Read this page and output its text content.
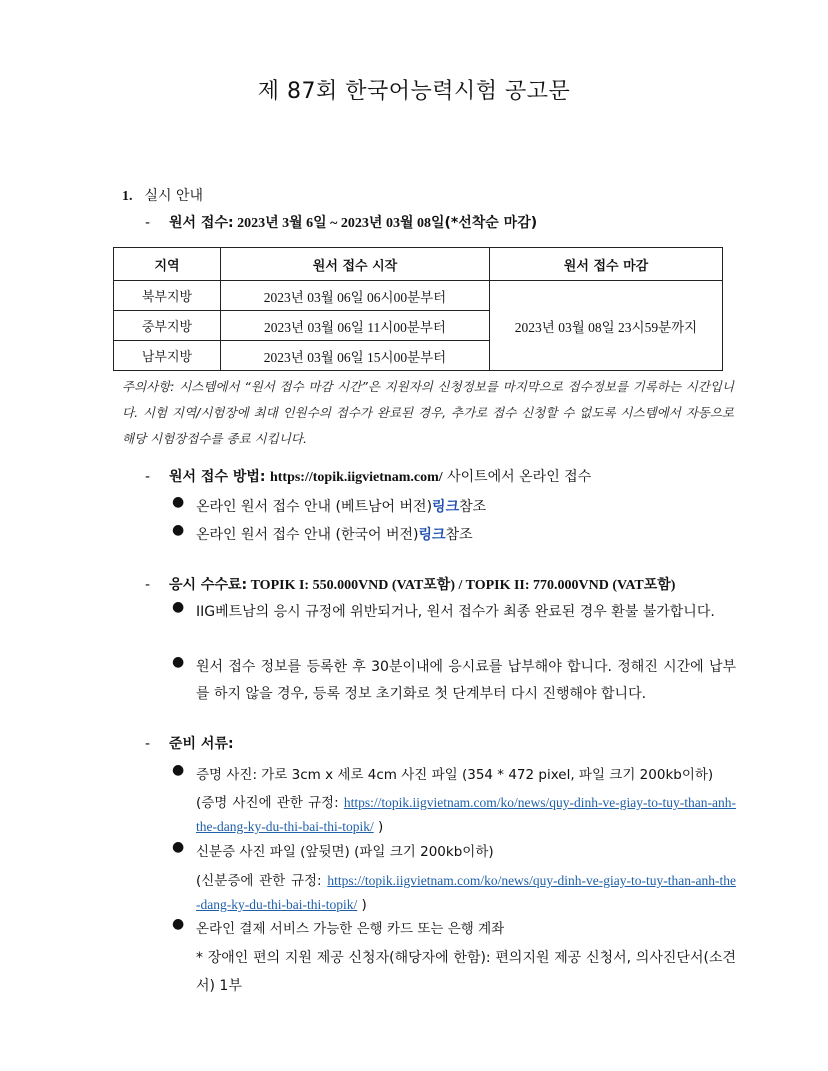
제 87회 한국어능력시험 공고문
1. 실시 안내
- 원서 접수: 2023년 3월 6일 ~ 2023년 03월 08일(*선착순 마감)
지역	원서 접수 시작	원서 접수 마감
북부지방	2023년 03월 06일 06시00분부터	2023년 03월 08일 23시59분까지
중부지방	2023년 03월 06일 11시00분부터	
남부지방	2023년 03월 06일 15시00분부터	
주의사항: 시스템에서 “원서 접수 마감 시간”은 지원자의 신청정보를 마지막으로 접수정보를 기록하는 시간입니다. 시험 지역/시험장에 최대 인원수의 접수가 완료된 경우, 추가로 접수 신청할 수 없도록 시스템에서 자동으로 해당 시험장접수를 종료 시킵니다.
- 원서 접수 방법: https://topik.iigvietnam.com/ 사이트에서 온라인 접수
● 온라인 원서 접수 안내 (베트남어 버전)링크참조
● 온라인 원서 접수 안내 (한국어 버전)링크참조
- 응시 수수료: TOPIK I: 550.000VND (VAT포함) / TOPIK II: 770.000VND (VAT포함)
● IIG베트남의 응시 규정에 위반되거나, 원서 접수가 최종 완료된 경우 환불 불가합니다.
● 원서 접수 정보를 등록한 후 30분이내에 응시료를 납부해야 합니다. 정해진 시간에 납부를 하지 않을 경우, 등록 정보 초기화로 첫 단계부터 다시 진행해야 합니다.
- 준비 서류:
● 증명 사진: 가로 3cm x 세로 4cm 사진 파일 (354 * 472 pixel, 파일 크기 200kb이하)
(증명 사진에 관한 규정: https://topik.iigvietnam.com/ko/news/quy-dinh-ve-giay-to-tuy-than-anh-the-dang-ky-du-thi-bai-thi-topik/ )
● 신분증 사진 파일 (앞뒷면) (파일 크기 200kb이하)
(신분증에 관한 규정: https://topik.iigvietnam.com/ko/news/quy-dinh-ve-giay-to-tuy-than-anh-the-dang-ky-du-thi-bai-thi-topik/ )
● 온라인 결제 서비스 가능한 은행 카드 또는 은행 계좌
* 장애인 편의 지원 제공 신청자(해당자에 한함): 편의지원 제공 신청서, 의사진단서(소견서) 1부
